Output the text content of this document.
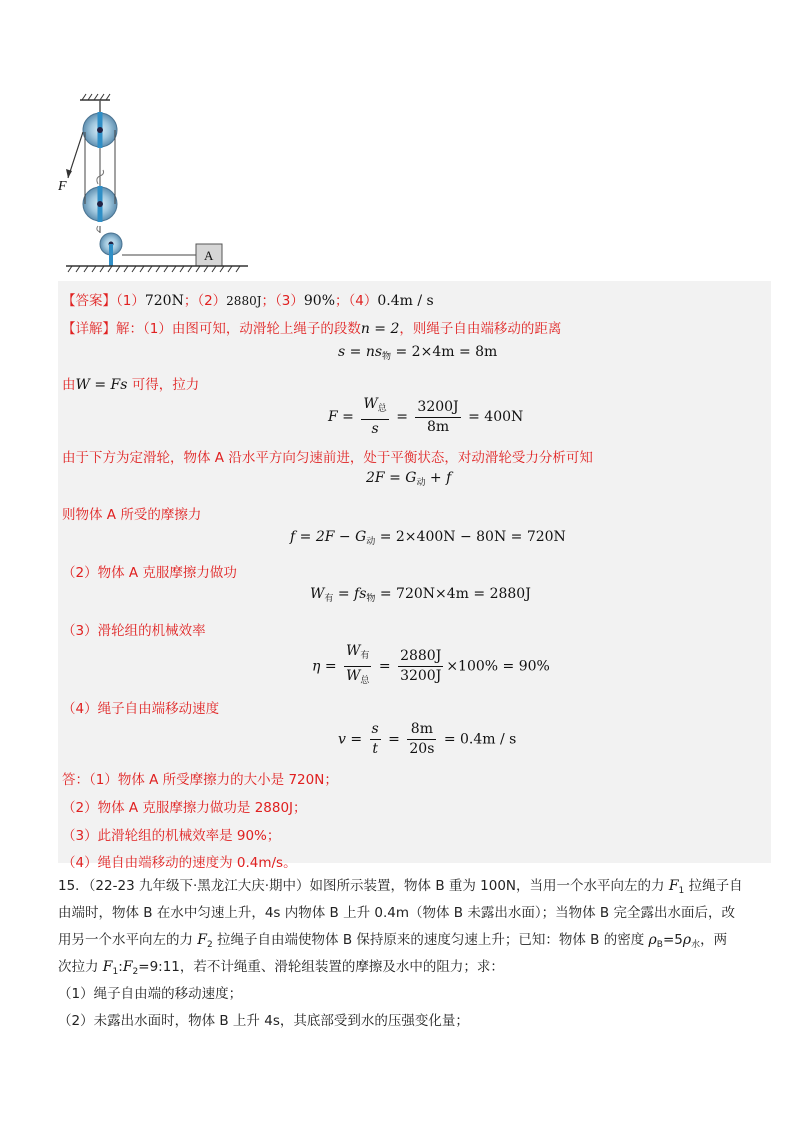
F
A
【答案】（1）720N；（2）2880J；（3）90%；（4）0.4m / s
【详解】解：（1）由图可知，动滑轮上绳子的段数n = 2，则绳子自由端移动的距离
$s = ns_物 = 2\times 4m = 8m$
由W = Fs 可得，拉力
$F = \frac{W_总}{s} = \frac{3200J}{8m} = 400N$
由于下方为定滑轮，物体 A 沿水平方向匀速前进，处于平衡状态，对动滑轮受力分析可知
$2F = G_动 + f$
则物体 A 所受的摩擦力
$f = 2F - G_动 = 2\times 400N - 80N = 720N$
（2）物体 A 克服摩擦力做功
$W_有 = fs_物 = 720N\times 4m = 2880J$
（3）滑轮组的机械效率
$\eta = \frac{W_有}{W_总} = \frac{2880J}{3200J} \times 100\% = 90\%$
（4）绳子自由端移动速度
$v = \frac{s}{t} = \frac{8m}{20s} = 0.4m / s$
答：（1）物体 A 所受摩擦力的大小是 720N；
（2）物体 A 克服摩擦力做功是 2880J；
（3）此滑轮组的机械效率是 90%；
（4）绳自由端移动的速度为 0.4m/s。
15．（22-23 九年级下·黑龙江大庆·期中）如图所示装置，物体 B 重为 100N，当用一个水平向左的力 $F_1$ 拉绳子自
由端时，物体 B 在水中匀速上升，4s 内物体 B 上升 0.4m（物体 B 未露出水面）；当物体 B 完全露出水面后，改
用另一个水平向左的力 $F_2$ 拉绳子自由端使物体 B 保持原来的速度匀速上升；已知：物体 B 的密度 $\rho_B=5\rho_水$，两
次拉力 $F_1:F_2=9:11$，若不计绳重、滑轮组装置的摩擦及水中的阻力；求：
（1）绳子自由端的移动速度；
（2）未露出水面时，物体 B 上升 4s，其底部受到水的压强变化量；
